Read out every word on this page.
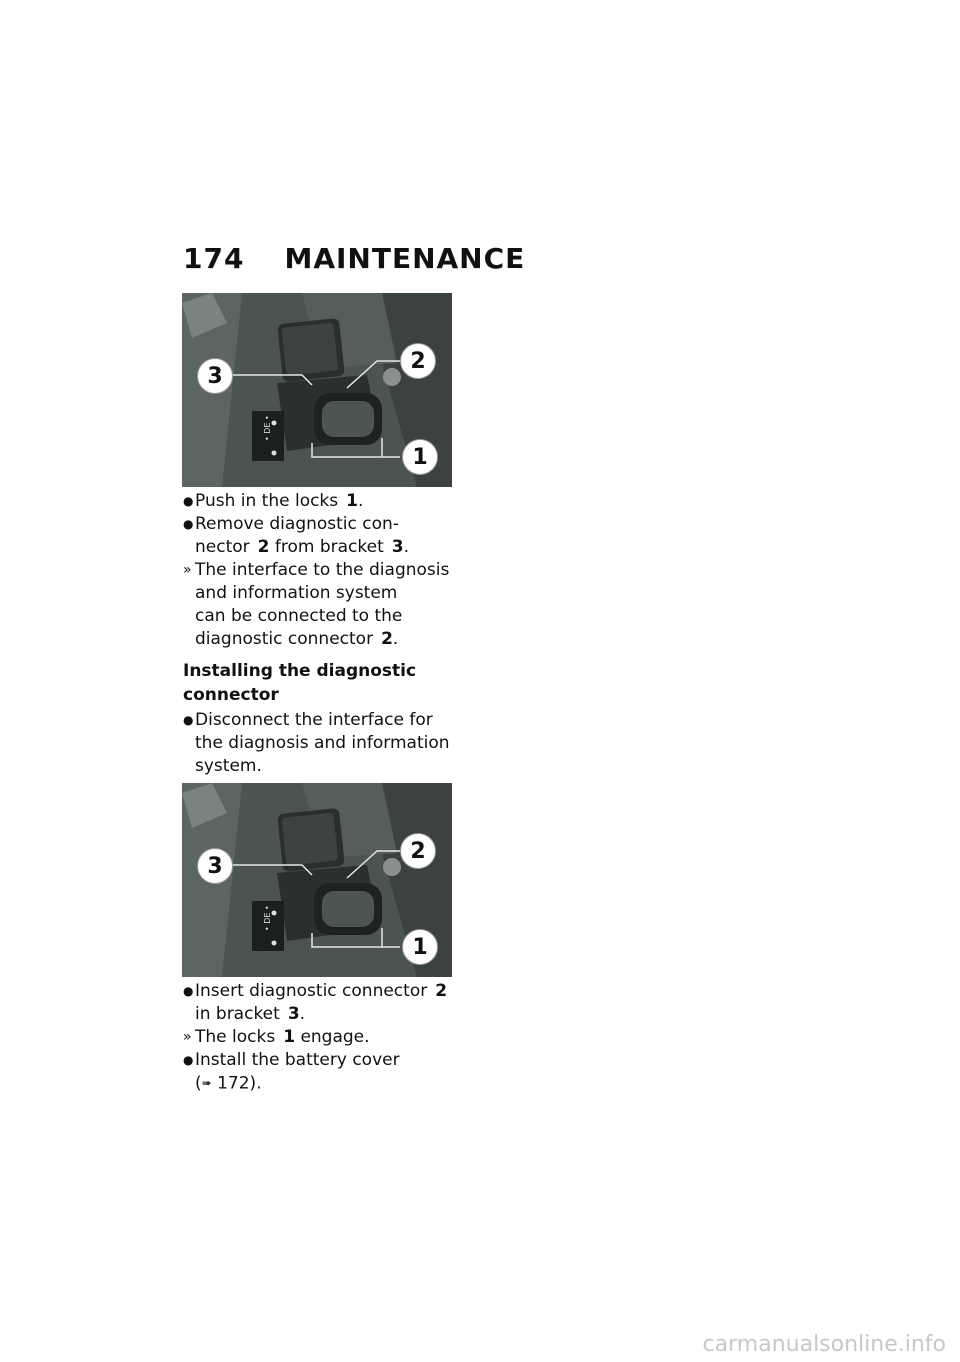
174 MAINTENANCE
• DE •
3
2
1
● Push in the locks 1.
● Remove diagnostic con-
nector 2 from bracket 3.
» The interface to the diagnosis
and information system
can be connected to the
diagnostic connector 2.
Installing the diagnostic
connector
● Disconnect the interface for
the diagnosis and information
system.
• DE •
3
2
1
● Insert diagnostic connector 2
in bracket 3.
» The locks 1 engage.
● Install the battery cover
(➠ 172).
carmanualsonline.info
